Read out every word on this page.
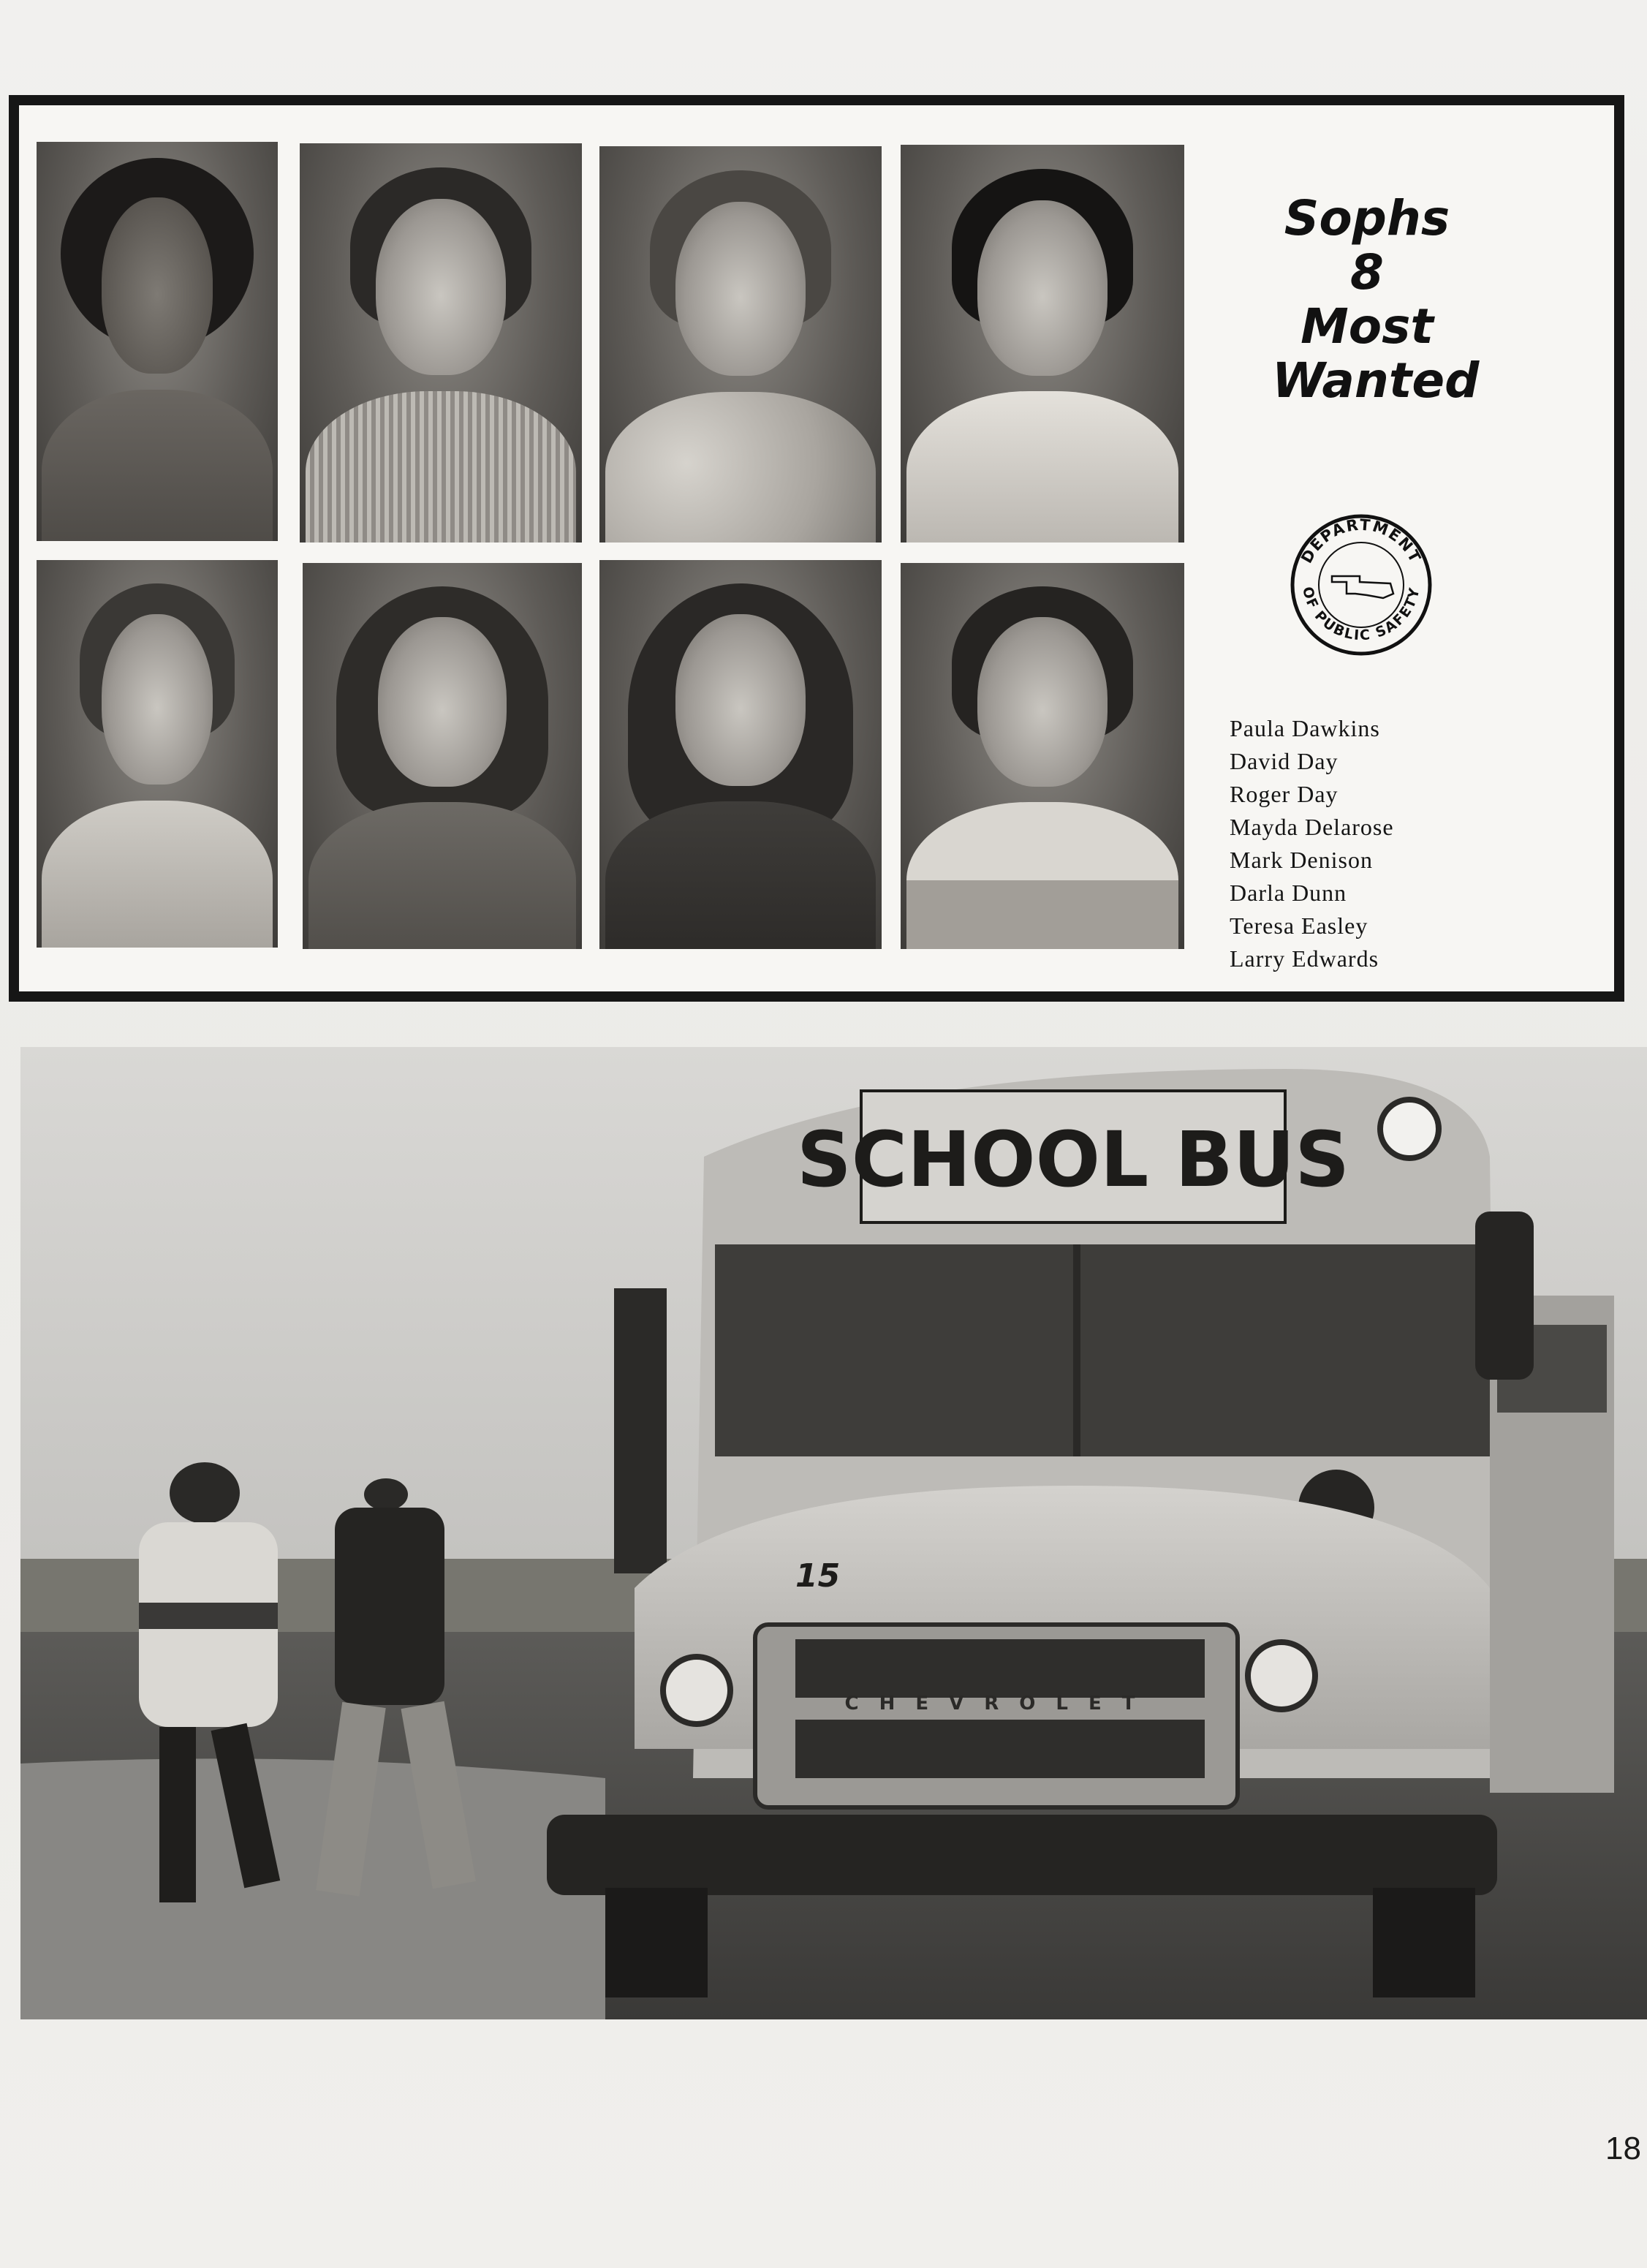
Sophs
8
Most
Wanted
DEPARTMENT
OF PUBLIC SAFETY
Paula Dawkins
David Day
Roger Day
Mayda Delarose
Mark Denison
Darla Dunn
Teresa Easley
Larry Edwards
SCHOOL BUS
15
CHEVROLET
18
